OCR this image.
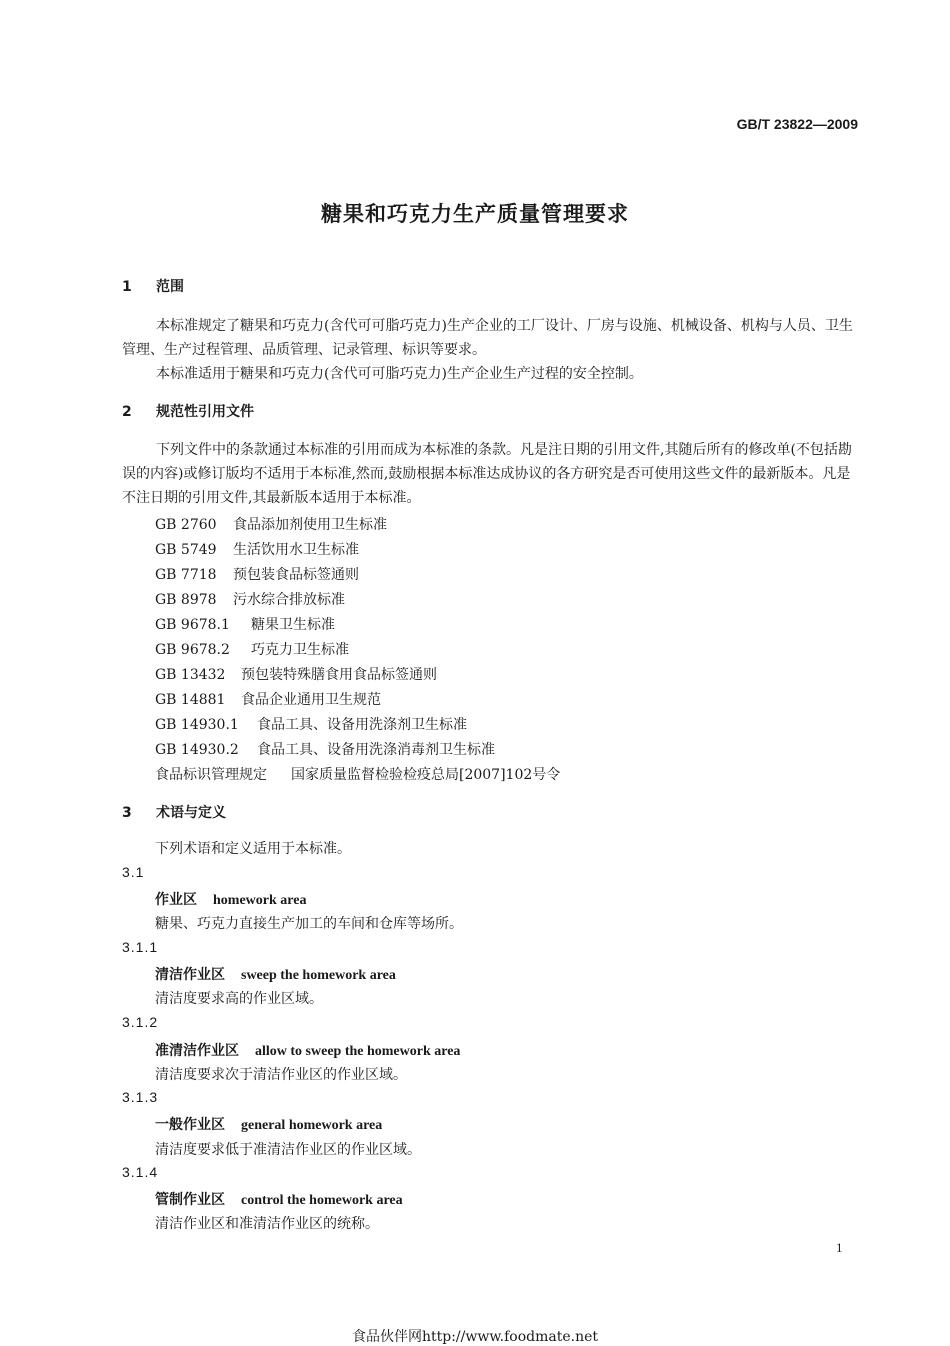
GB/T 23822—2009
糖果和巧克力生产质量管理要求
1 范围
本标准规定了糖果和巧克力(含代可可脂巧克力)生产企业的工厂设计、厂房与设施、机械设备、机构与人员、卫生管理、生产过程管理、品质管理、记录管理、标识等要求。
本标准适用于糖果和巧克力(含代可可脂巧克力)生产企业生产过程的安全控制。
2 规范性引用文件
下列文件中的条款通过本标准的引用而成为本标准的条款。凡是注日期的引用文件,其随后所有的修改单(不包括勘误的内容)或修订版均不适用于本标准,然而,鼓励根据本标准达成协议的各方研究是否可使用这些文件的最新版本。凡是不注日期的引用文件,其最新版本适用于本标准。
GB 2760 食品添加剂使用卫生标准
GB 5749 生活饮用水卫生标准
GB 7718 预包装食品标签通则
GB 8978 污水综合排放标准
GB 9678.1 糖果卫生标准
GB 9678.2 巧克力卫生标准
GB 13432 预包装特殊膳食用食品标签通则
GB 14881 食品企业通用卫生规范
GB 14930.1 食品工具、设备用洗涤剂卫生标准
GB 14930.2 食品工具、设备用洗涤消毒剂卫生标准
食品标识管理规定 国家质量监督检验检疫总局[2007]102号令
3 术语与定义
下列术语和定义适用于本标准。
3.1
作业区 homework area
糖果、巧克力直接生产加工的车间和仓库等场所。
3.1.1
清洁作业区 sweep the homework area
清洁度要求高的作业区域。
3.1.2
准清洁作业区 allow to sweep the homework area
清洁度要求次于清洁作业区的作业区域。
3.1.3
一般作业区 general homework area
清洁度要求低于准清洁作业区的作业区域。
3.1.4
管制作业区 control the homework area
清洁作业区和准清洁作业区的统称。
1
食品伙伴网http://www.foodmate.net
